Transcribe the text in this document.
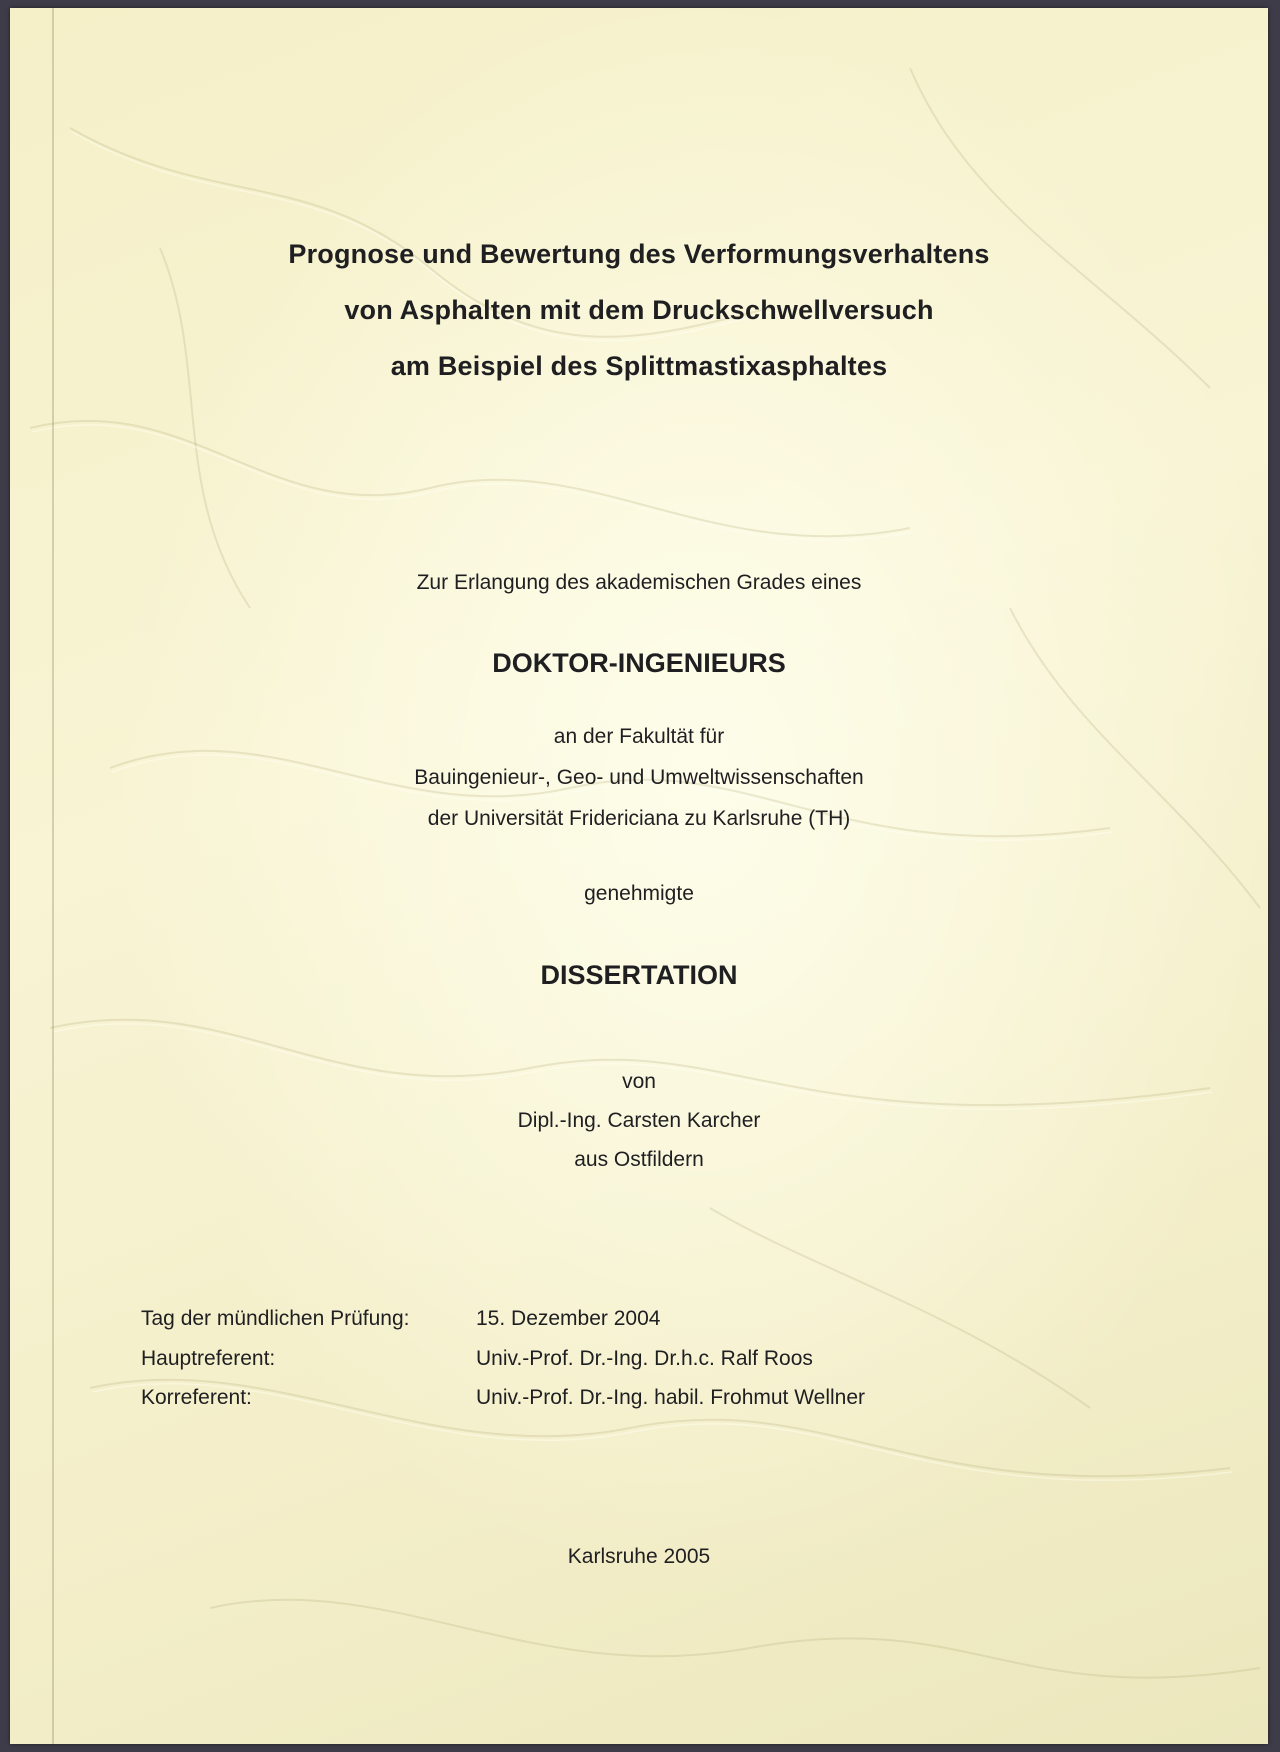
Prognose und Bewertung des Verformungsverhaltens
von Asphalten mit dem Druckschwellversuch
am Beispiel des Splittmastixasphaltes
Zur Erlangung des akademischen Grades eines
DOKTOR-INGENIEURS
an der Fakultät für
Bauingenieur-, Geo- und Umweltwissenschaften
der Universität Fridericiana zu Karlsruhe (TH)
genehmigte
DISSERTATION
von
Dipl.-Ing. Carsten Karcher
aus Ostfildern
Tag der mündlichen Prüfung:	15. Dezember 2004
Hauptreferent:	Univ.-Prof. Dr.-Ing. Dr.h.c. Ralf Roos
Korreferent:	Univ.-Prof. Dr.-Ing. habil. Frohmut Wellner
Karlsruhe 2005
